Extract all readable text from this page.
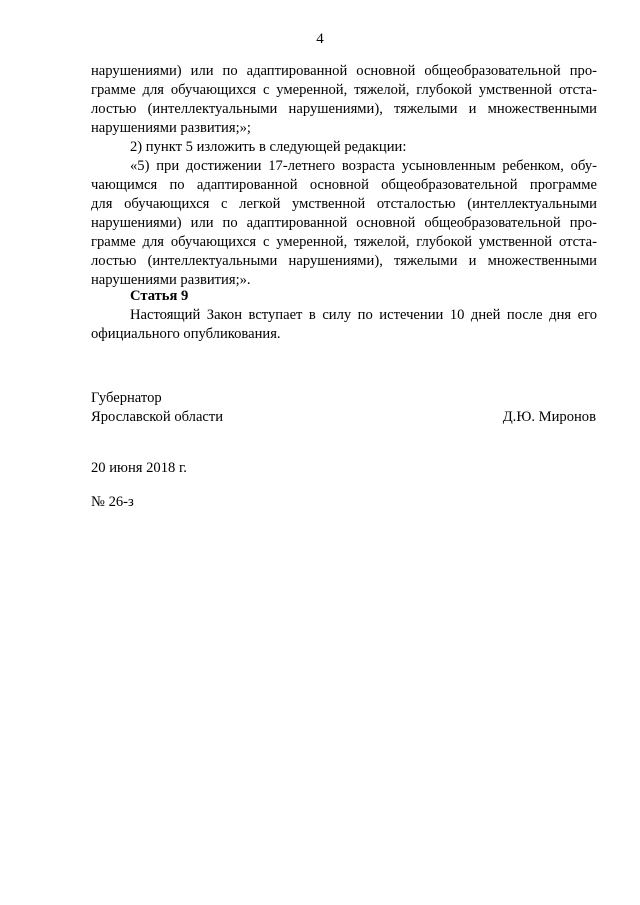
4
нарушениями) или по адаптированной основной общеобразовательной про-
грамме для обучающихся с умеренной, тяжелой, глубокой умственной отста-
лостью (интеллектуальными нарушениями), тяжелыми и множественными
нарушениями развития;»;
2) пункт 5 изложить в следующей редакции:
«5) при достижении 17-летнего возраста усыновленным ребенком, обу-
чающимся по адаптированной основной общеобразовательной программе
для обучающихся с легкой умственной отсталостью (интеллектуальными
нарушениями) или по адаптированной основной общеобразовательной про-
грамме для обучающихся с умеренной, тяжелой, глубокой умственной отста-
лостью (интеллектуальными нарушениями), тяжелыми и множественными
нарушениями развития;».
Статья 9
Настоящий Закон вступает в силу по истечении 10 дней после дня его
официального опубликования.
Губернатор
Ярославской области	Д.Ю. Миронов
20 июня 2018 г.
№ 26-з
